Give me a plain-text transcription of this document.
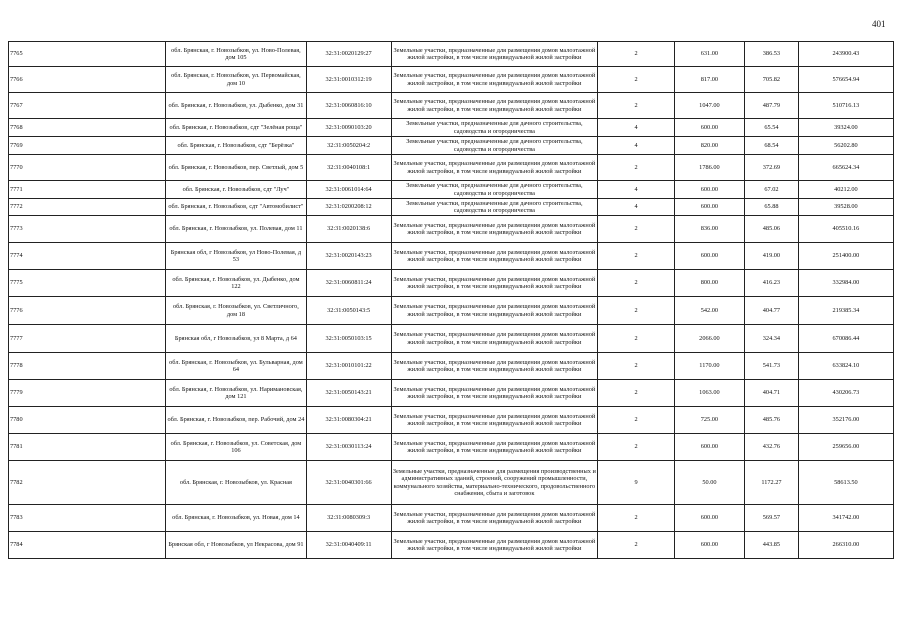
401
7765	обл. Брянская, г. Новозыбков, ул. Ново-Полевая, дом 105	32:31:0020129:27	Земельные участки, предназначенные для размещения домов малоэтажной жилой застройки, в том числе индивидуальной жилой застройки	2	631.00	386.53	243900.43
7766	обл. Брянская, г. Новозыбков, ул. Первомайская, дом 10	32:31:0010312:19	Земельные участки, предназначенные для размещения домов малоэтажной жилой застройки, в том числе индивидуальной жилой застройки	2	817.00	705.82	576654.94
7767	обл. Брянская, г. Новозыбков, ул. Дыбенко, дом 31	32:31:0060816:10	Земельные участки, предназначенные для размещения домов малоэтажной жилой застройки, в том числе индивидуальной жилой застройки	2	1047.00	487.79	510716.13
7768	обл. Брянская, г. Новозыбков, сдт "Зелёная роща"	32:31:0090103:20	Земельные участки, предназначенные для дачного строительства, садоводства и огородничества	4	600.00	65.54	39324.00
7769	обл. Брянская, г. Новозыбков, сдт "Берёзка"	32:31:0050204:2	Земельные участки, предназначенные для дачного строительства, садоводства и огородничества	4	820.00	68.54	56202.80
7770	обл. Брянская, г. Новозыбков, пер. Светлый, дом 5	32:31:0040108:1	Земельные участки, предназначенные для размещения домов малоэтажной жилой застройки, в том числе индивидуальной жилой застройки	2	1786.00	372.69	665624.34
7771	обл. Брянская, г. Новозыбков, сдт "Луч"	32:31:0061014:64	Земельные участки, предназначенные для дачного строительства, садоводства и огородничества	4	600.00	67.02	40212.00
7772	обл. Брянская, г. Новозыбков, сдт "Автомобилист"	32:31:0200208:12	Земельные участки, предназначенные для дачного строительства, садоводства и огородничества	4	600.00	65.88	39528.00
7773	обл. Брянская, г. Новозыбков, ул. Полевая, дом 11	32:31:0020138:6	Земельные участки, предназначенные для размещения домов малоэтажной жилой застройки, в том числе индивидуальной жилой застройки	2	836.00	485.06	405510.16
7774	Брянская обл, г Новозыбков, ул Ново-Полевая, д 53	32:31:0020143:23	Земельные участки, предназначенные для размещения домов малоэтажной жилой застройки, в том числе индивидуальной жилой застройки	2	600.00	419.00	251400.00
7775	обл. Брянская, г. Новозыбков, ул. Дыбенко, дом 122	32:31:0060811:24	Земельные участки, предназначенные для размещения домов малоэтажной жилой застройки, в том числе индивидуальной жилой застройки	2	800.00	416.23	332984.00
7776	обл. Брянская, г. Новозыбков, ул. Светличного, дом 18	32:31:0050143:5	Земельные участки, предназначенные для размещения домов малоэтажной жилой застройки, в том числе индивидуальной жилой застройки	2	542.00	404.77	219385.34
7777	Брянская обл, г Новозыбков, ул 8 Марта, д 64	32:31:0050103:15	Земельные участки, предназначенные для размещения домов малоэтажной жилой застройки, в том числе индивидуальной жилой застройки	2	2066.00	324.34	670086.44
7778	обл. Брянская, г. Новозыбков, ул. Бульварная, дом 64	32:31:0010101:22	Земельные участки, предназначенные для размещения домов малоэтажной жилой застройки, в том числе индивидуальной жилой застройки	2	1170.00	541.73	633824.10
7779	обл. Брянская, г. Новозыбков, ул. Наримановская, дом 121	32:31:0050143:21	Земельные участки, предназначенные для размещения домов малоэтажной жилой застройки, в том числе индивидуальной жилой застройки	2	1063.00	404.71	430206.73
7780	обл. Брянская, г. Новозыбков, пер. Рабочий, дом 24	32:31:0080304:21	Земельные участки, предназначенные для размещения домов малоэтажной жилой застройки, в том числе индивидуальной жилой застройки	2	725.00	485.76	352176.00
7781	обл. Брянская, г. Новозыбков, ул. Советская, дом 106	32:31:0030113:24	Земельные участки, предназначенные для размещения домов малоэтажной жилой застройки, в том числе индивидуальной жилой застройки	2	600.00	432.76	259656.00
7782	обл. Брянская, г. Новозыбков, ул. Красная	32:31:0040301:66	Земельные участки, предназначенные для размещения производственных и административных зданий, строений, сооружений промышленности, коммунального хозяйства, материально-технического, продовольственного снабжения, сбыта и заготовок	9	50.00	1172.27	58613.50
7783	обл. Брянская, г. Новозыбков, ул. Новая, дом 14	32:31:0080309:3	Земельные участки, предназначенные для размещения домов малоэтажной жилой застройки, в том числе индивидуальной жилой застройки	2	600.00	569.57	341742.00
7784	Брянская обл, г Новозыбков, ул Некрасова, дом 91	32:31:0040409:11	Земельные участки, предназначенные для размещения домов малоэтажной жилой застройки, в том числе индивидуальной жилой застройки	2	600.00	443.85	266310.00
